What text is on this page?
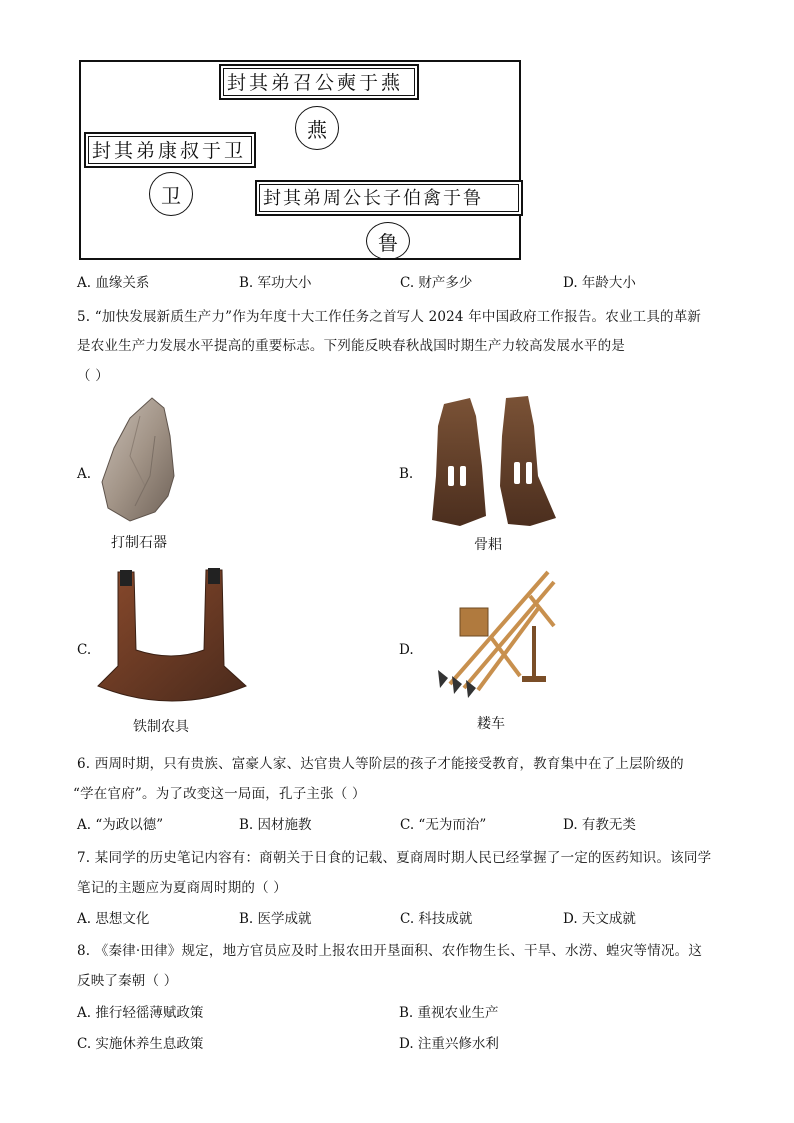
封其弟召公奭于燕
燕
封其弟康叔于卫
卫	封其弟周公长子伯禽于鲁
鲁
A. 血缘关系	B. 军功大小	C. 财产多少	D. 年龄大小
5. “加快发展新质生产力”作为年度十大工作任务之首写人 2024 年中国政府工作报告。农业工具的革新
是农业生产力发展水平提高的重要标志。下列能反映春秋战国时期生产力较高发展水平的是
（ ）
A.
打制石器
B.
骨耜
C.
铁制农具
D.
耧车
6. 西周时期，只有贵族、富豪人家、达官贵人等阶层的孩子才能接受教育，教育集中在了上层阶级的
“学在官府”。为了改变这一局面，孔子主张（ ）
A. “为政以德”	B. 因材施教	C. “无为而治”	D. 有教无类
7. 某同学的历史笔记内容有：商朝关于日食的记载、夏商周时期人民已经掌握了一定的医药知识。该同学
笔记的主题应为夏商周时期的（ ）
A. 思想文化	B. 医学成就	C. 科技成就	D. 天文成就
8. 《秦律·田律》规定，地方官员应及时上报农田开垦面积、农作物生长、干旱、水涝、蝗灾等情况。这
反映了秦朝（ ）
A. 推行轻徭薄赋政策	B. 重视农业生产
C. 实施休养生息政策	D. 注重兴修水利
